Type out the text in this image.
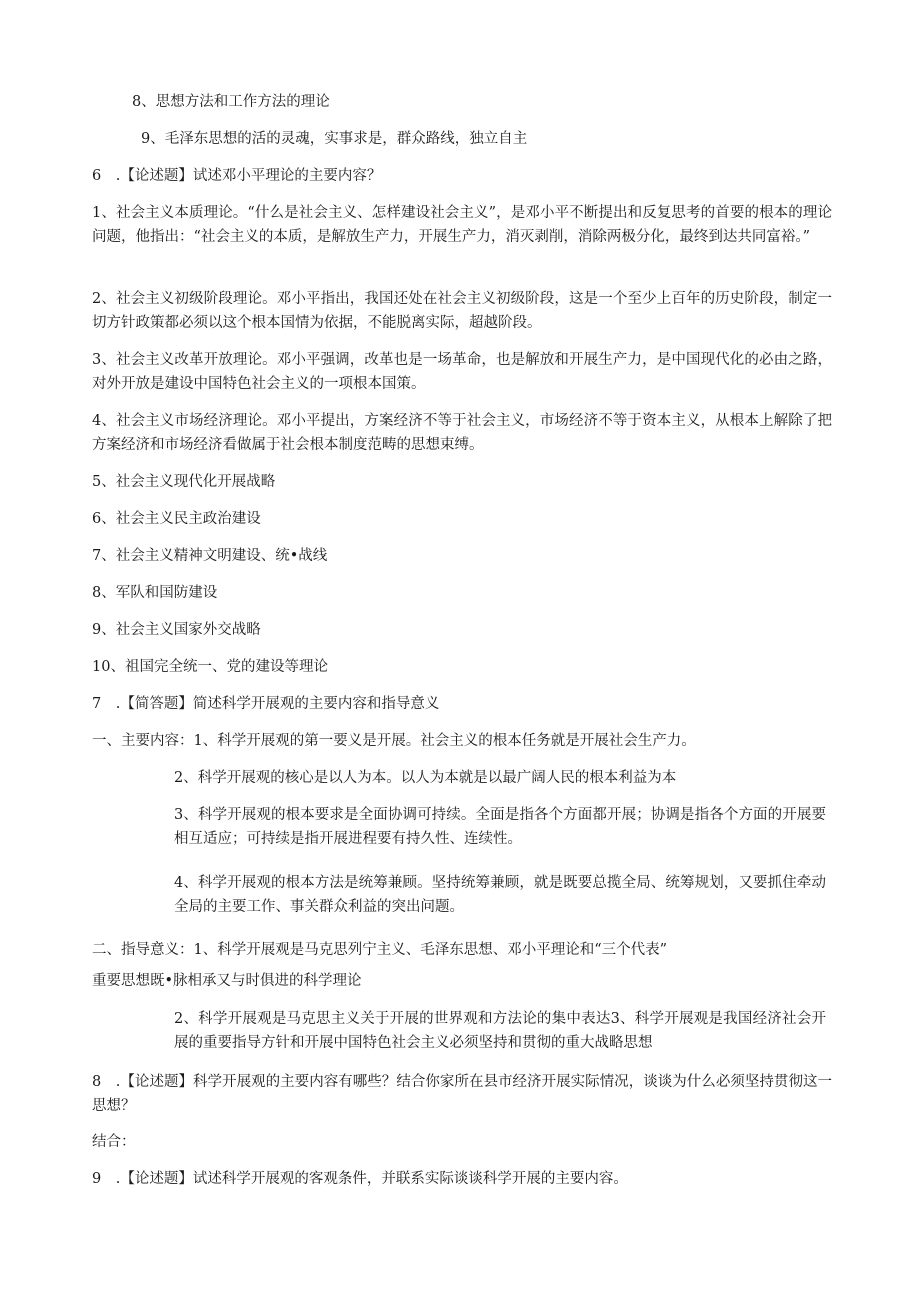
8、思想方法和工作方法的理论
9、毛泽东思想的活的灵魂，实事求是，群众路线，独立自主
6　.【论述题】试述邓小平理论的主要内容？
1、社会主义本质理论。“什么是社会主义、怎样建设社会主义”，是邓小平不断提出和反复思考的首要的根本的理论问题，他指出：“社会主义的本质，是解放生产力，开展生产力，消灭剥削，消除两极分化，最终到达共同富裕。”
2、社会主义初级阶段理论。邓小平指出，我国还处在社会主义初级阶段，这是一个至少上百年的历史阶段，制定一切方针政策都必须以这个根本国情为依据，不能脱离实际，超越阶段。
3、社会主义改革开放理论。邓小平强调，改革也是一场革命，也是解放和开展生产力，是中国现代化的必由之路，对外开放是建设中国特色社会主义的一项根本国策。
4、社会主义市场经济理论。邓小平提出，方案经济不等于社会主义，市场经济不等于资本主义，从根本上解除了把方案经济和市场经济看做属于社会根本制度范畴的思想束缚。
5、社会主义现代化开展战略
6、社会主义民主政治建设
7、社会主义精神文明建设、统•战线
8、军队和国防建设
9、社会主义国家外交战略
10、祖国完全统一、党的建设等理论
7　.【简答题】简述科学开展观的主要内容和指导意义
一、主要内容：1、科学开展观的第一要义是开展。社会主义的根本任务就是开展社会生产力。
2、科学开展观的核心是以人为本。以人为本就是以最广阔人民的根本利益为本
3、科学开展观的根本要求是全面协调可持续。全面是指各个方面都开展；协调是指各个方面的开展要相互适应；可持续是指开展进程要有持久性、连续性。
4、科学开展观的根本方法是统筹兼顾。坚持统筹兼顾，就是既要总揽全局、统筹规划，又要抓住牵动全局的主要工作、事关群众利益的突出问题。
二、指导意义：1、科学开展观是马克思列宁主义、毛泽东思想、邓小平理论和“三个代表”
重要思想既•脉相承又与时俱进的科学理论
2、科学开展观是马克思主义关于开展的世界观和方法论的集中表达3、科学开展观是我国经济社会开展的重要指导方针和开展中国特色社会主义必须坚持和贯彻的重大战略思想
8　.【论述题】科学开展观的主要内容有哪些？结合你家所在县市经济开展实际情况，谈谈为什么必须坚持贯彻这一思想？
结合：
9　.【论述题】试述科学开展观的客观条件，并联系实际谈谈科学开展的主要内容。
